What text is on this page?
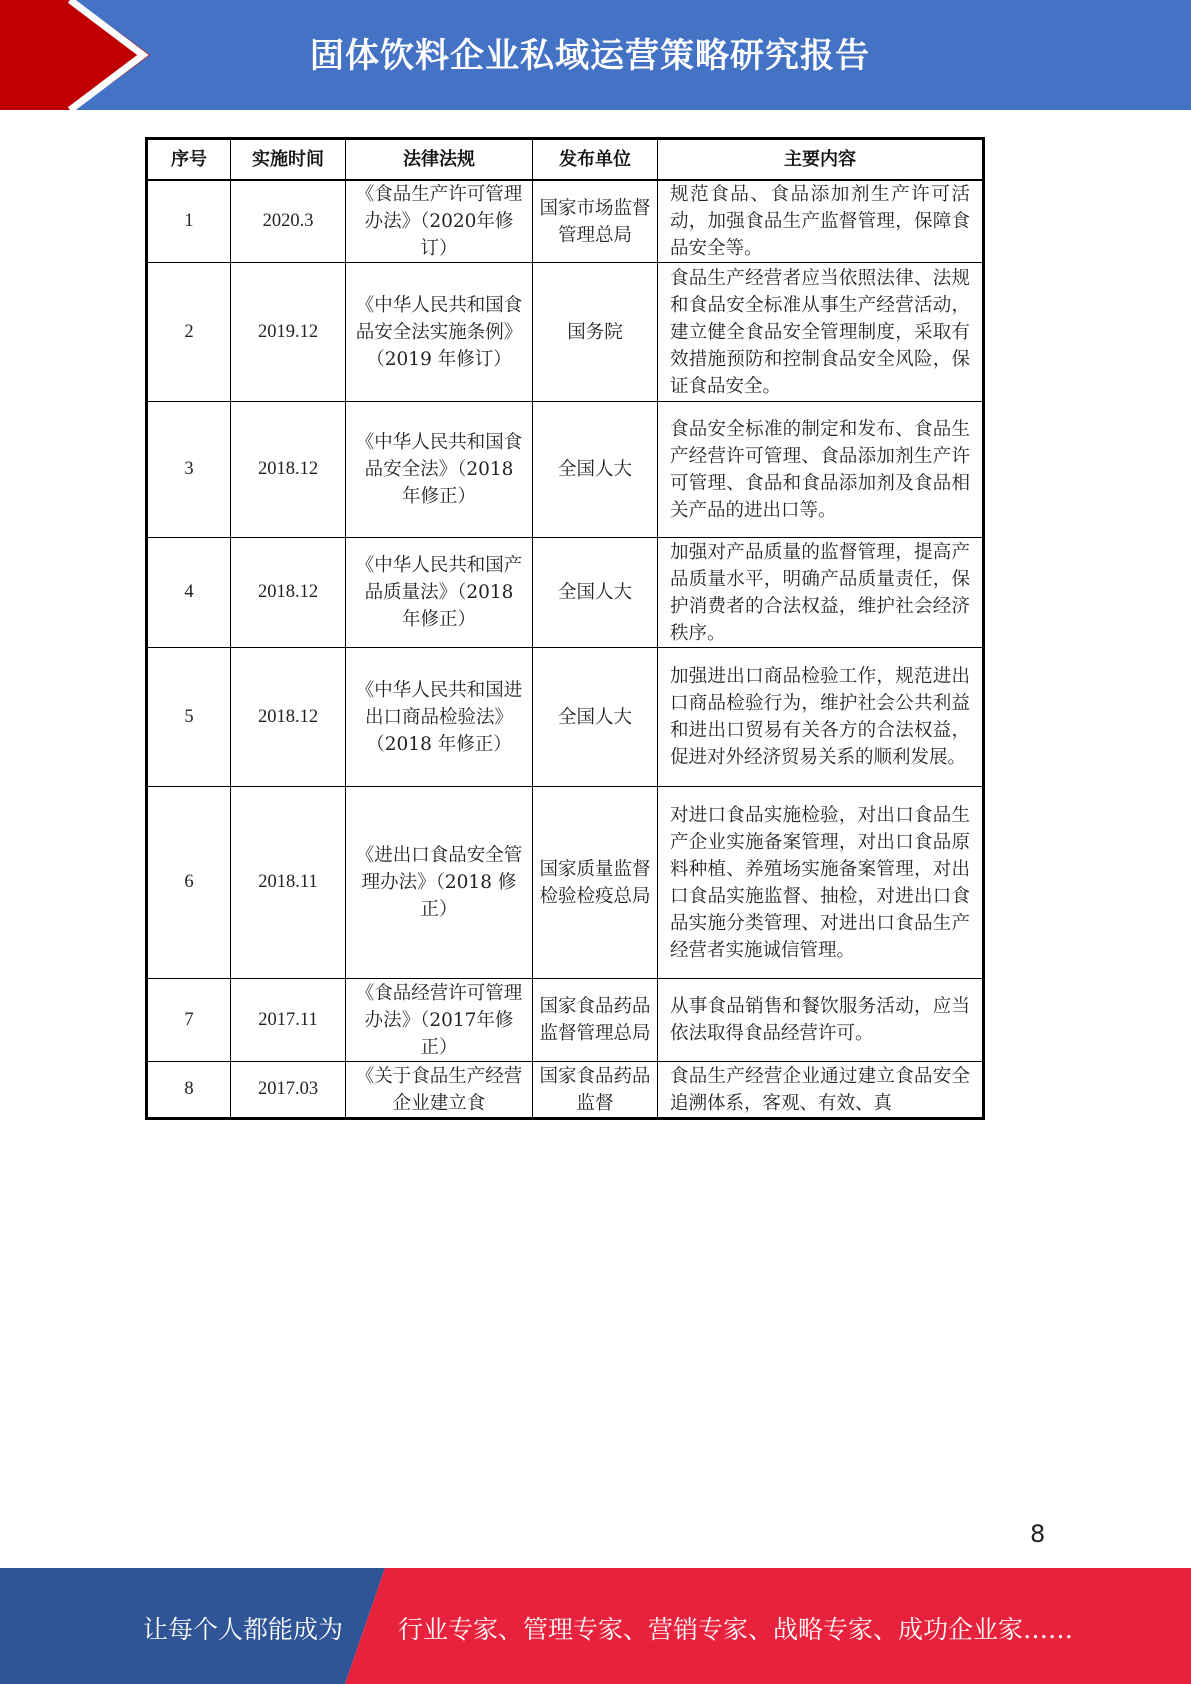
固体饮料企业私域运营策略研究报告
序号	实施时间	法律法规	发布单位	主要内容
1	2020.3	《食品生产许可管理办法》（2020年修订）	国家市场监督管理总局	规范食品、食品添加剂生产许可活动，加强食品生产监督管理，保障食品安全等。
2	2019.12	《中华人民共和国食品安全法实施条例》（2019 年修订）	国务院	食品生产经营者应当依照法律、法规和食品安全标准从事生产经营活动，建立健全食品安全管理制度，采取有效措施预防和控制食品安全风险，保证食品安全。
3	2018.12	《中华人民共和国食品安全法》（2018 年修正）	全国人大	食品安全标准的制定和发布、食品生产经营许可管理、食品添加剂生产许可管理、食品和食品添加剂及食品相关产品的进出口等。
4	2018.12	《中华人民共和国产品质量法》（2018 年修正）	全国人大	加强对产品质量的监督管理，提高产品质量水平，明确产品质量责任，保护消费者的合法权益，维护社会经济秩序。
5	2018.12	《中华人民共和国进出口商品检验法》（2018 年修正）	全国人大	加强进出口商品检验工作，规范进出口商品检验行为，维护社会公共利益和进出口贸易有关各方的合法权益，促进对外经济贸易关系的顺利发展。
6	2018.11	《进出口食品安全管理办法》（2018 修正）	国家质量监督检验检疫总局	对进口食品实施检验，对出口食品生产企业实施备案管理，对出口食品原料种植、养殖场实施备案管理，对出口食品实施监督、抽检，对进出口食品实施分类管理、对进出口食品生产经营者实施诚信管理。
7	2017.11	《食品经营许可管理办法》（2017年修正）	国家食品药品监督管理总局	从事食品销售和餐饮服务活动，应当依法取得食品经营许可。
8	2017.03	《关于食品生产经营企业建立食	国家食品药品监督	食品生产经营企业通过建立食品安全追溯体系，客观、有效、真
8
让每个人都能成为 行业专家、管理专家、营销专家、战略专家、成功企业家……
